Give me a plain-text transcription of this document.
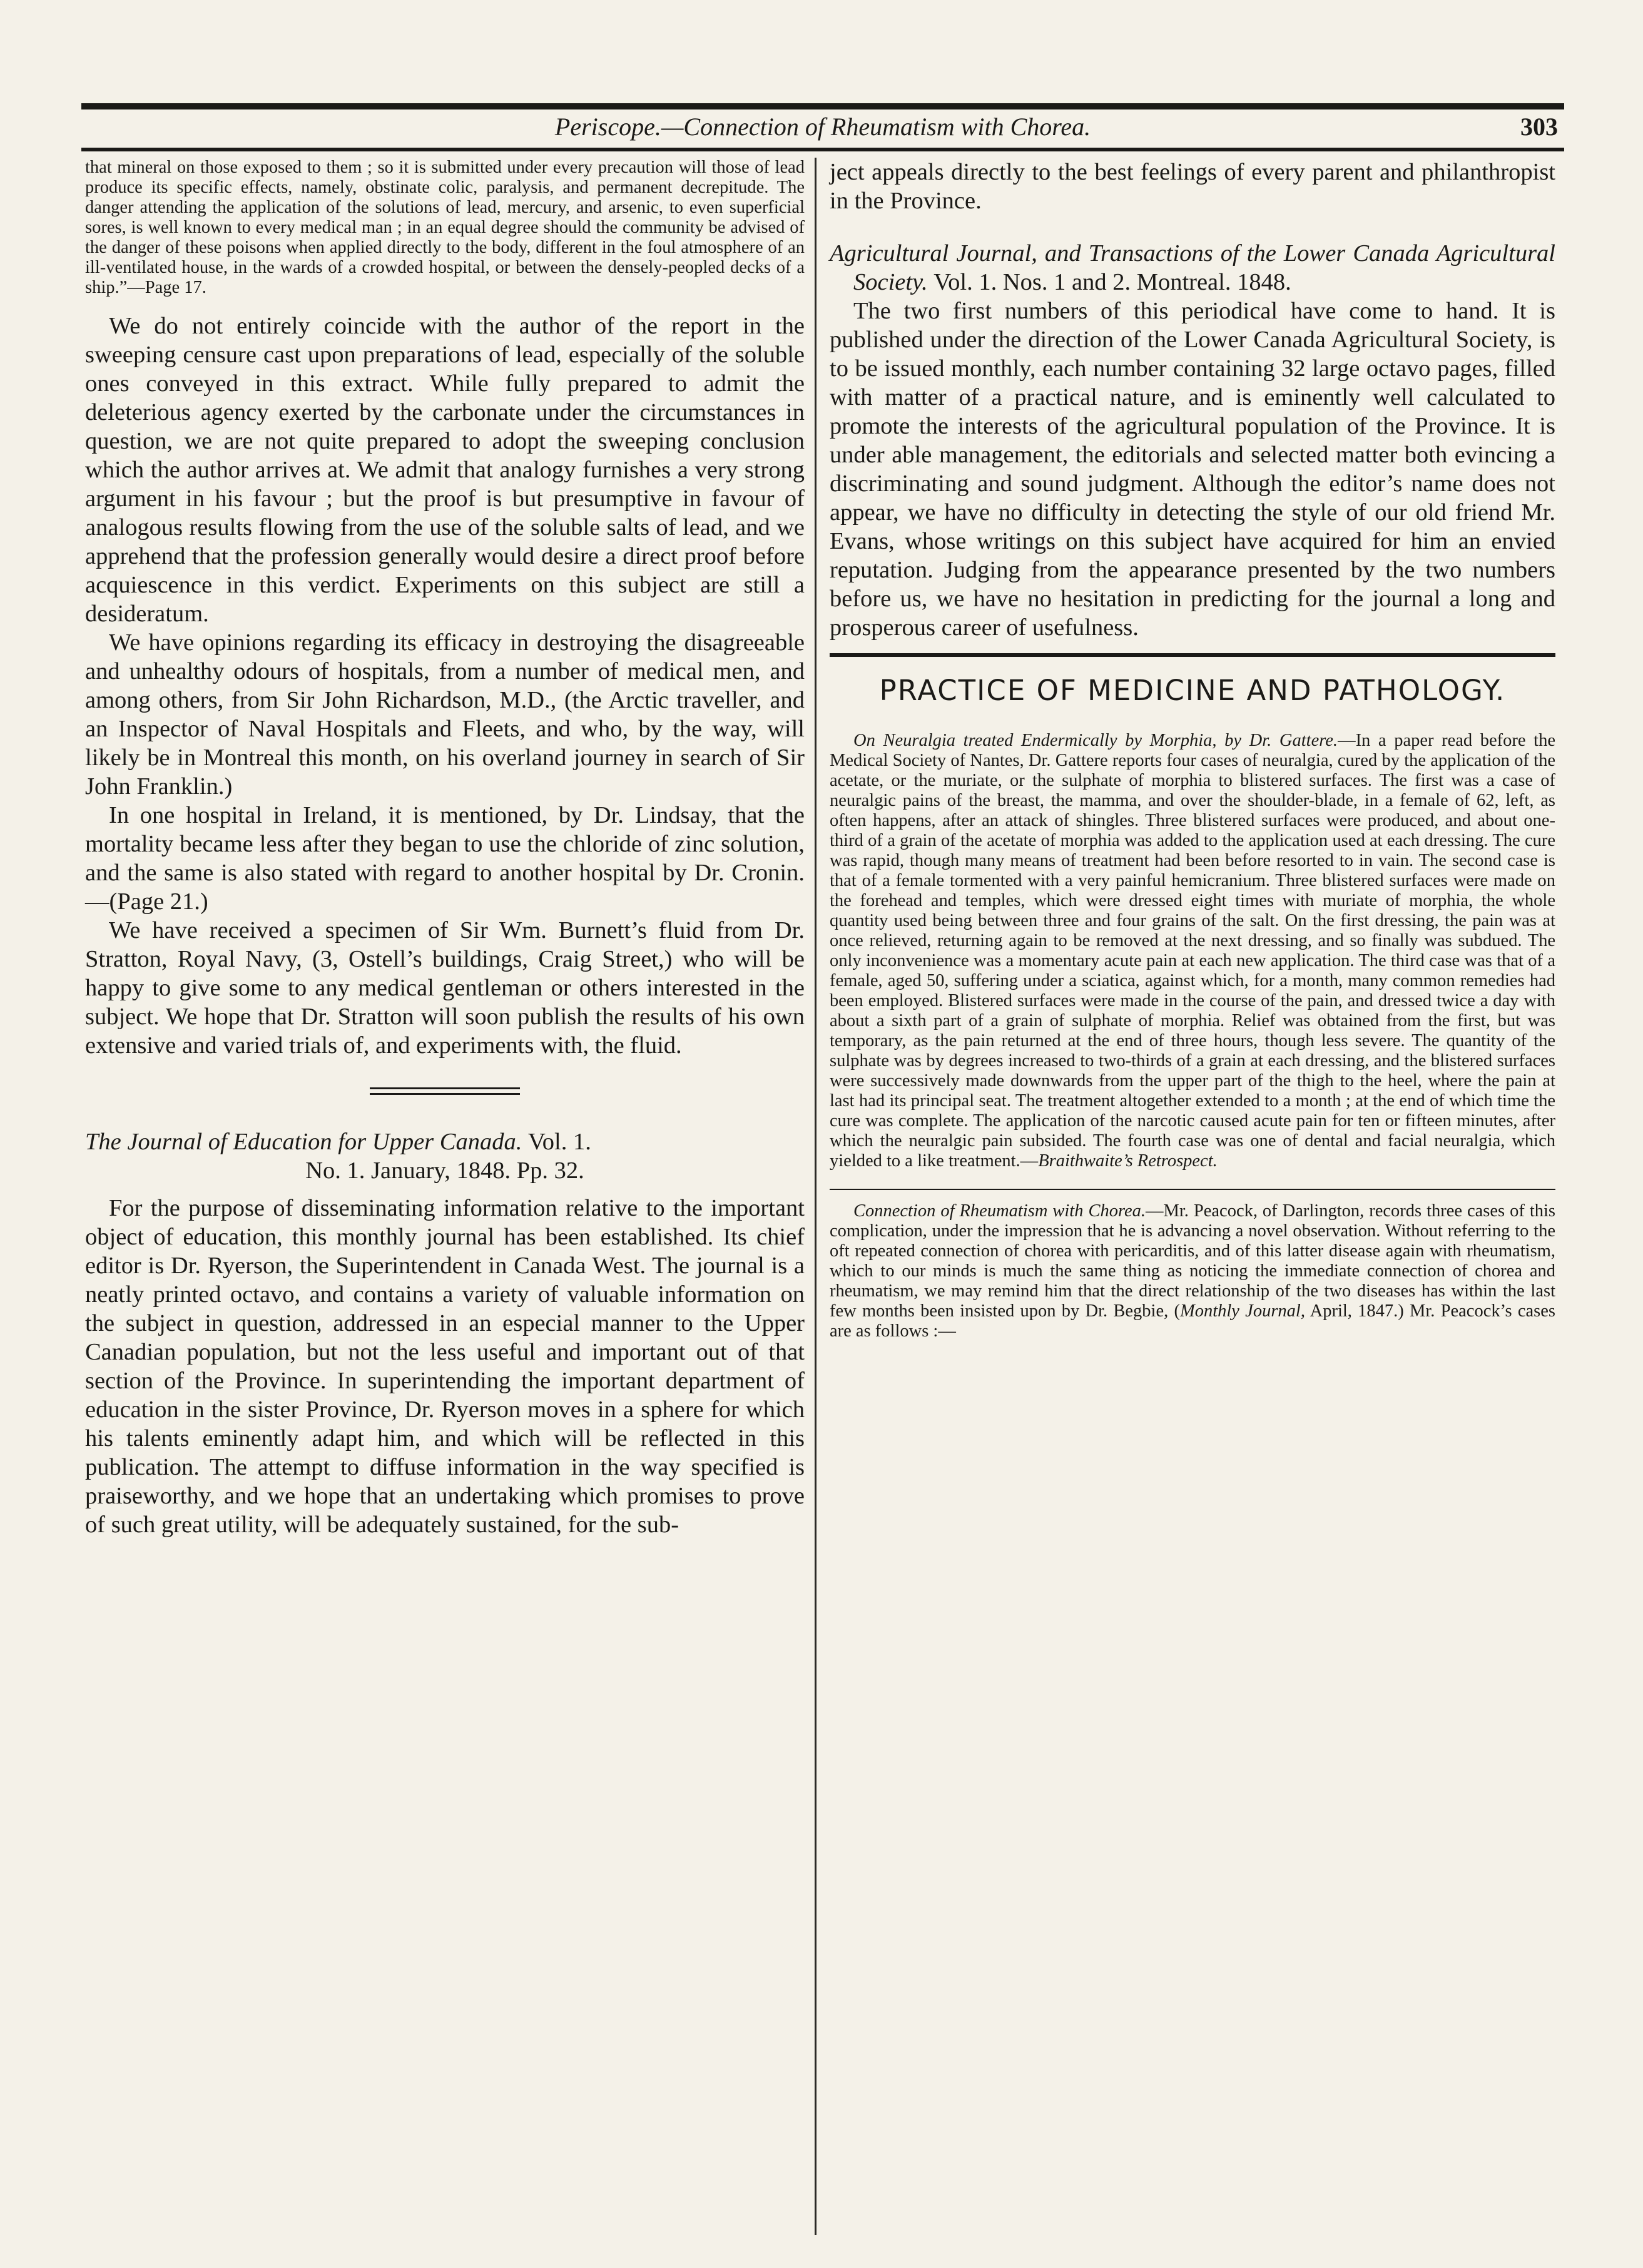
Periscope.—Connection of Rheumatism with Chorea.	303

that mineral on those exposed to them ; so it is submitted under every precaution will those of lead produce its specific effects, namely, obstinate colic, paralysis, and permanent decrepitude. The danger attending the application of the solutions of lead, mercury, and arsenic, to even superficial sores, is well known to every medical man ; in an equal degree should the community be advised of the danger of these poisons when applied directly to the body, different in the foul atmosphere of an ill-ventilated house, in the wards of a crowded hospital, or between the densely-peopled decks of a ship.”—Page 17.

We do not entirely coincide with the author of the report in the sweeping censure cast upon preparations of lead, especially of the soluble ones conveyed in this extract. While fully prepared to admit the deleterious agency exerted by the carbonate under the circumstances in question, we are not quite prepared to adopt the sweeping conclusion which the author arrives at. We admit that analogy furnishes a very strong argument in his favour ; but the proof is but presumptive in favour of analogous results flowing from the use of the soluble salts of lead, and we apprehend that the profession generally would desire a direct proof before acquiescence in this verdict. Experiments on this subject are still a desideratum.

We have opinions regarding its efficacy in destroying the disagreeable and unhealthy odours of hospitals, from a number of medical men, and among others, from Sir John Richardson, M.D., (the Arctic traveller, and an Inspector of Naval Hospitals and Fleets, and who, by the way, will likely be in Montreal this month, on his overland journey in search of Sir John Franklin.)

In one hospital in Ireland, it is mentioned, by Dr. Lindsay, that the mortality became less after they began to use the chloride of zinc solution, and the same is also stated with regard to another hospital by Dr. Cronin.—(Page 21.)

We have received a specimen of Sir Wm. Burnett’s fluid from Dr. Stratton, Royal Navy, (3, Ostell’s buildings, Craig Street,) who will be happy to give some to any medical gentleman or others interested in the subject. We hope that Dr. Stratton will soon publish the results of his own extensive and varied trials of, and experiments with, the fluid.

The Journal of Education for Upper Canada. Vol. 1.
No. 1. January, 1848. Pp. 32.

For the purpose of disseminating information relative to the important object of education, this monthly journal has been established. Its chief editor is Dr. Ryerson, the Superintendent in Canada West. The journal is a neatly printed octavo, and contains a variety of valuable information on the subject in question, addressed in an especial manner to the Upper Canadian population, but not the less useful and important out of that section of the Province. In superintending the important department of education in the sister Province, Dr. Ryerson moves in a sphere for which his talents eminently adapt him, and which will be reflected in this publication. The attempt to diffuse information in the way specified is praiseworthy, and we hope that an undertaking which promises to prove of such great utility, will be adequately sustained, for the sub-

ject appeals directly to the best feelings of every parent and philanthropist in the Province.

Agricultural Journal, and Transactions of the Lower Canada Agricultural Society. Vol. 1. Nos. 1 and 2. Montreal. 1848.

The two first numbers of this periodical have come to hand. It is published under the direction of the Lower Canada Agricultural Society, is to be issued monthly, each number containing 32 large octavo pages, filled with matter of a practical nature, and is eminently well calculated to promote the interests of the agricultural population of the Province. It is under able management, the editorials and selected matter both evincing a discriminating and sound judgment. Although the editor’s name does not appear, we have no difficulty in detecting the style of our old friend Mr. Evans, whose writings on this subject have acquired for him an envied reputation. Judging from the appearance presented by the two numbers before us, we have no hesitation in predicting for the journal a long and prosperous career of usefulness.

PRACTICE OF MEDICINE AND PATHOLOGY.

On Neuralgia treated Endermically by Morphia, by Dr. Gattere.—In a paper read before the Medical Society of Nantes, Dr. Gattere reports four cases of neuralgia, cured by the application of the acetate, or the muriate, or the sulphate of morphia to blistered surfaces. The first was a case of neuralgic pains of the breast, the mamma, and over the shoulder-blade, in a female of 62, left, as often happens, after an attack of shingles. Three blistered surfaces were produced, and about one-third of a grain of the acetate of morphia was added to the application used at each dressing. The cure was rapid, though many means of treatment had been before resorted to in vain. The second case is that of a female tormented with a very painful hemicranium. Three blistered surfaces were made on the forehead and temples, which were dressed eight times with muriate of morphia, the whole quantity used being between three and four grains of the salt. On the first dressing, the pain was at once relieved, returning again to be removed at the next dressing, and so finally was subdued. The only inconvenience was a momentary acute pain at each new application. The third case was that of a female, aged 50, suffering under a sciatica, against which, for a month, many common remedies had been employed. Blistered surfaces were made in the course of the pain, and dressed twice a day with about a sixth part of a grain of sulphate of morphia. Relief was obtained from the first, but was temporary, as the pain returned at the end of three hours, though less severe. The quantity of the sulphate was by degrees increased to two-thirds of a grain at each dressing, and the blistered surfaces were successively made downwards from the upper part of the thigh to the heel, where the pain at last had its principal seat. The treatment altogether extended to a month ; at the end of which time the cure was complete. The application of the narcotic caused acute pain for ten or fifteen minutes, after which the neuralgic pain subsided. The fourth case was one of dental and facial neuralgia, which yielded to a like treatment.—Braithwaite’s Retrospect.

Connection of Rheumatism with Chorea.—Mr. Peacock, of Darlington, records three cases of this complication, under the impression that he is advancing a novel observation. Without referring to the oft repeated connection of chorea with pericarditis, and of this latter disease again with rheumatism, which to our minds is much the same thing as noticing the immediate connection of chorea and rheumatism, we may remind him that the direct relationship of the two diseases has within the last few months been insisted upon by Dr. Begbie, (Monthly Journal, April, 1847.) Mr. Peacock’s cases are as follows :—
